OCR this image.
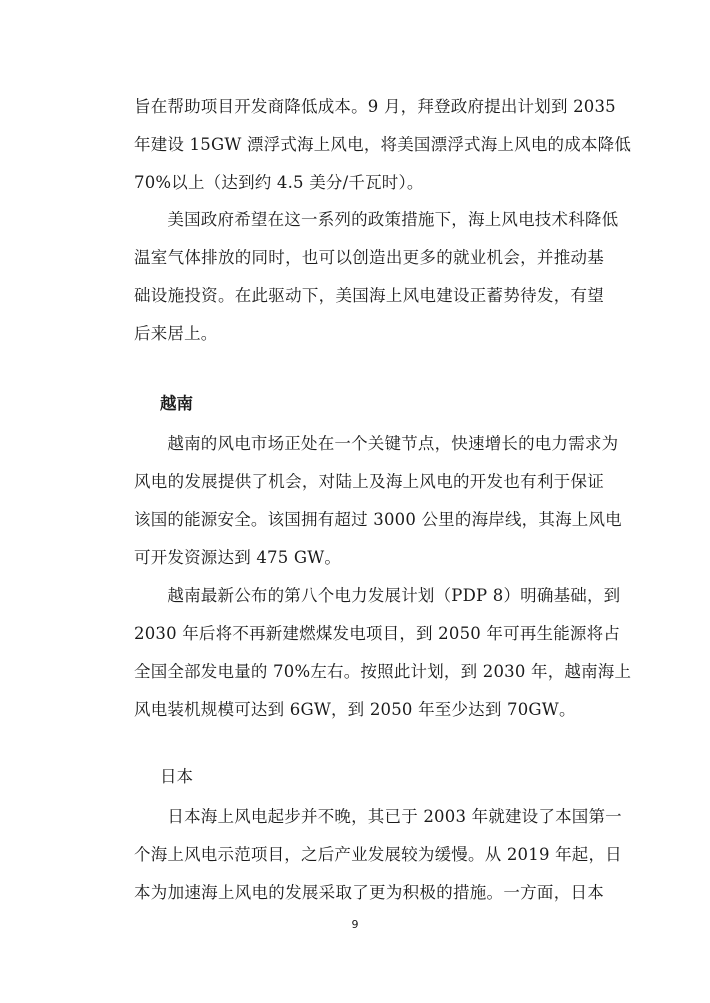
旨在帮助项目开发商降低成本。9 月，拜登政府提出计划到 2035
年建设 15GW 漂浮式海上风电，将美国漂浮式海上风电的成本降低
70%以上（达到约 4.5 美分/千瓦时）。

　　美国政府希望在这一系列的政策措施下，海上风电技术科降低
温室气体排放的同时，也可以创造出更多的就业机会，并推动基
础设施投资。在此驱动下，美国海上风电建设正蓄势待发，有望
后来居上。

越南

　　越南的风电市场正处在一个关键节点，快速增长的电力需求为
风电的发展提供了机会，对陆上及海上风电的开发也有利于保证
该国的能源安全。该国拥有超过 3000 公里的海岸线，其海上风电
可开发资源达到 475 GW。

　　越南最新公布的第八个电力发展计划（PDP 8）明确基础，到
2030 年后将不再新建燃煤发电项目，到 2050 年可再生能源将占
全国全部发电量的 70%左右。按照此计划，到 2030 年，越南海上
风电装机规模可达到 6GW，到 2050 年至少达到 70GW。

日本

　　日本海上风电起步并不晚，其已于 2003 年就建设了本国第一
个海上风电示范项目，之后产业发展较为缓慢。从 2019 年起，日
本为加速海上风电的发展采取了更为积极的措施。一方面，日本

9
